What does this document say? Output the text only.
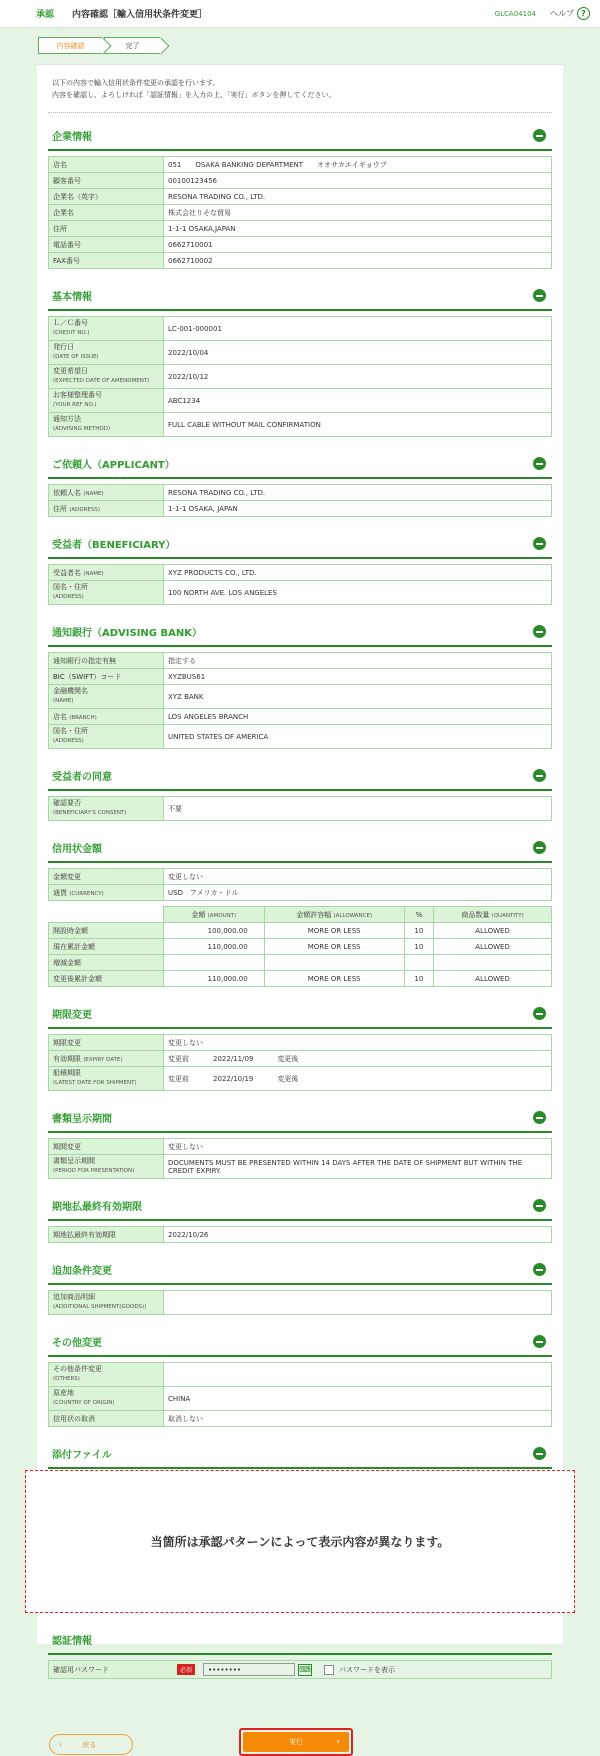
承認 内容確認［輸入信用状条件変更］	GLCA04104 ヘルプ ?
内容確認	完了
以下の内容で輸入信用状条件変更の承認を行います。
内容を確認し、よろしければ「認証情報」を入力の上、「実行」ボタンを押してください。
企業情報
店名	051　　OSAKA BANKING DEPARTMENT　　オオサカエイギョウブ
顧客番号	00100123456
企業名（英字）	RESONA TRADING CO., LTD.
企業名	株式会社りそな貿易
住所	1-1-1 OSAKA,JAPAN
電話番号	0662710001
FAX番号	0662710002
基本情報
Ｌ／Ｃ番号
(CREDIT NO.)	LC-001-000001
発行日
(DATE OF ISSUE)	2022/10/04
変更希望日
(EXPECTED DATE OF AMENDMENT)	2022/10/12
お客様整理番号
(YOUR REF NO.)	ABC1234
通知方法
(ADVISING METHOD)	FULL CABLE WITHOUT MAIL CONFIRMATION
ご依頼人（APPLICANT）
依頼人名 (NAME)	RESONA TRADING CO., LTD.
住所 (ADDRESS)	1-1-1 OSAKA, JAPAN
受益者（BENEFICIARY）
受益者名 (NAME)	XYZ PRODUCTS CO., LTD.
国名・住所
(ADDRESS)	100 NORTH AVE. LOS ANGELES
通知銀行（ADVISING BANK）
通知銀行の指定有無	指定する
BIC（SWIFT）コード	XYZBUS61
金融機関名
(NAME)	XYZ BANK
店名 (BRANCH)	LOS ANGELES BRANCH
国名・住所
(ADDRESS)	UNITED STATES OF AMERICA
受益者の同意
確認要否
(BENEFICIARY'S CONSENT)	不要
信用状金額
金額変更	変更しない
通貨 (CURRENCY)	USD　アメリカ・ドル
	金額 (AMOUNT)	金額許容幅 (ALLOWANCE)	%	商品数量 (QUANTITY)
開設時金額	100,000.00	MORE OR LESS	10	ALLOWED
現在累計金額	110,000.00	MORE OR LESS	10	ALLOWED
増減金額				
変更後累計金額	110,000.00	MORE OR LESS	10	ALLOWED
期限変更
期限変更	変更しない
有効期限 (EXPIRY DATE)	変更前 2022/11/09 変更後
船積期限
(LATEST DATE FOR SHIPMENT)	変更前 2022/10/19 変更後
書類呈示期間
期間変更	変更しない
書類呈示期間
(PERIOD FOR PRESENTATION)	DOCUMENTS MUST BE PRESENTED WITHIN 14 DAYS AFTER THE DATE OF SHIPMENT BUT WITHIN THE CREDIT EXPIRY.
期地払最終有効期限
期地払最終有効期限	2022/10/26
追加条件変更
追加商品明細
(ADDITIONAL SHIPMENT(GOODS))	
その他変更
その他条件変更
(OTHERS)	
原産地
(COUNTRY OF ORIGIN)	CHINA
信用状の取消	取消しない
添付ファイル

当箇所は承認パターンによって表示内容が異なります。
認証情報
確認用パスワード	必須	••••••••	⌨	パスワードを表示
‹	戻る	実行	›
